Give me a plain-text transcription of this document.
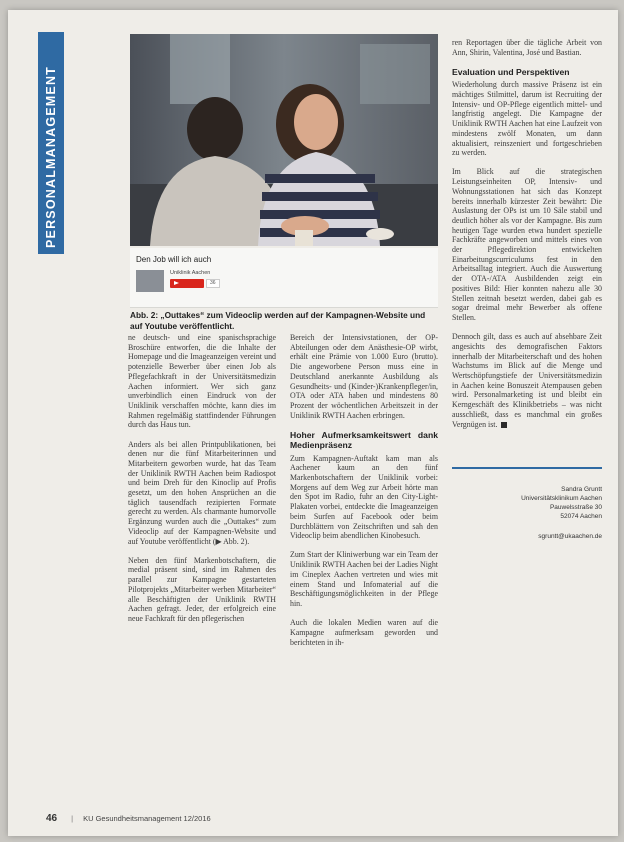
PERSONALMANAGEMENT
Den Job will ich auch
Uniklinik Aachen
36
Abb. 2: „Outtakes“ zum Videoclip werden auf der Kampagnen-Website und auf Youtube veröffentlicht.

ne deutsch- und eine spanischsprachige Broschüre entworfen, die die Inhalte der Homepage und die Imageanzeigen vereint und potenzielle Bewerber über einen Job als Pflegefachkraft in der Universitätsmedizin Aachen informiert. Wer sich ganz unverbindlich einen Eindruck von der Uniklinik verschaffen möchte, kann dies im Rahmen regelmäßig stattfindender Führungen durch das Haus tun.

Anders als bei allen Printpublikationen, bei denen nur die fünf Mitarbeiterinnen und Mitarbeitern geworben wurde, hat das Team der Uniklinik RWTH Aachen beim Radiospot und beim Dreh für den Kinoclip auf Profis gesetzt, um den hohen Ansprüchen an die täglich tausendfach rezipierten Formate gerecht zu werden. Als charmante humorvolle Ergänzung wurden auch die „Outtakes“ zum Videoclip auf der Kampagnen-Website und auf Youtube veröffentlicht (▶ Abb. 2).

Neben den fünf Markenbotschaftern, die medial präsent sind, sind im Rahmen des parallel zur Kampagne gestarteten Pilotprojekts „Mitarbeiter werben Mitarbeiter“ alle Beschäftigten der Uniklinik RWTH Aachen gefragt. Jeder, der erfolgreich eine neue Fachkraft für den pflegerischen

Bereich der Intensivstationen, der OP-Abteilungen oder dem Anästhesie-OP wirbt, erhält eine Prämie von 1.000 Euro (brutto). Die angeworbene Person muss eine in Deutschland anerkannte Ausbildung als Gesundheits- und (Kinder-)Krankenpfleger/in, OTA oder ATA haben und mindestens 80 Prozent der wöchentlichen Arbeitszeit in der Uniklinik RWTH Aachen erbringen.

Hoher Aufmerksamkeitswert dank Medienpräsenz

Zum Kampagnen-Auftakt kam man als Aachener kaum an den fünf Markenbotschaftern der Uniklinik vorbei: Morgens auf dem Weg zur Arbeit hörte man den Spot im Radio, fuhr an den City-Light-Plakaten vorbei, entdeckte die Imageanzeigen beim Surfen auf Facebook oder beim Durchblättern von Zeitschriften und sah den Videoclip beim abendlichen Kinobesuch.

Zum Start der Kliniwerbung war ein Team der Uniklinik RWTH Aachen bei der Ladies Night im Cineplex Aachen vertreten und wies mit einem Stand und Infomaterial auf die Beschäftigungsmöglichkeiten in der Pflege hin.

Auch die lokalen Medien waren auf die Kampagne aufmerksam geworden und berichteten in ih-

ren Reportagen über die tägliche Arbeit von Ann, Shirin, Valentina, José und Bastian.

Evaluation und Perspektiven

Wiederholung durch massive Präsenz ist ein mächtiges Stilmittel, darum ist Recruiting der Intensiv- und OP-Pflege eigentlich mittel- und langfristig angelegt. Die Kampagne der Uniklinik RWTH Aachen hat eine Laufzeit von mindestens zwölf Monaten, um dann aktualisiert, reinszeniert und fortgeschrieben zu werden.

Im Blick auf die strategischen Leistungseinheiten OP, Intensiv- und Wohnungsstationen hat sich das Konzept bereits innerhalb kürzester Zeit bewährt: Die Auslastung der OPs ist um 10 Säle stabil und deutlich höher als vor der Kampagne. Bis zum heutigen Tage wurden etwa hundert spezielle Fachkräfte angeworben und mittels eines von der Pflegedirektion entwickelten Einarbeitungscurriculums fest in den Arbeitsalltag integriert. Auch die Auswertung der OTA-/ATA Ausbildenden zeigt ein positives Bild: Hier konnten nahezu alle 30 Stellen zeitnah besetzt werden, dabei gab es sogar dreimal mehr Bewerber als offene Stellen.

Dennoch gilt, dass es auch auf absehbare Zeit angesichts des demografischen Faktors innerhalb der Mitarbeiterschaft und des hohen Wachstums im Blick auf die Menge und Wertschöpfungstiefe der Universitätsmedizin in Aachen keine Bonuszeit Atempausen geben wird. Personalmarketing ist und bleibt ein Kerngeschäft des Klinikbetriebs – was nicht ausschließt, dass es manchmal ein großes Vergnügen ist.

Sandra Gruntt
Universitätsklinikum Aachen
Pauwelsstraße 30
52074 Aachen
sgruntt@ukaachen.de
46 | KU Gesundheitsmanagement 12/2016
